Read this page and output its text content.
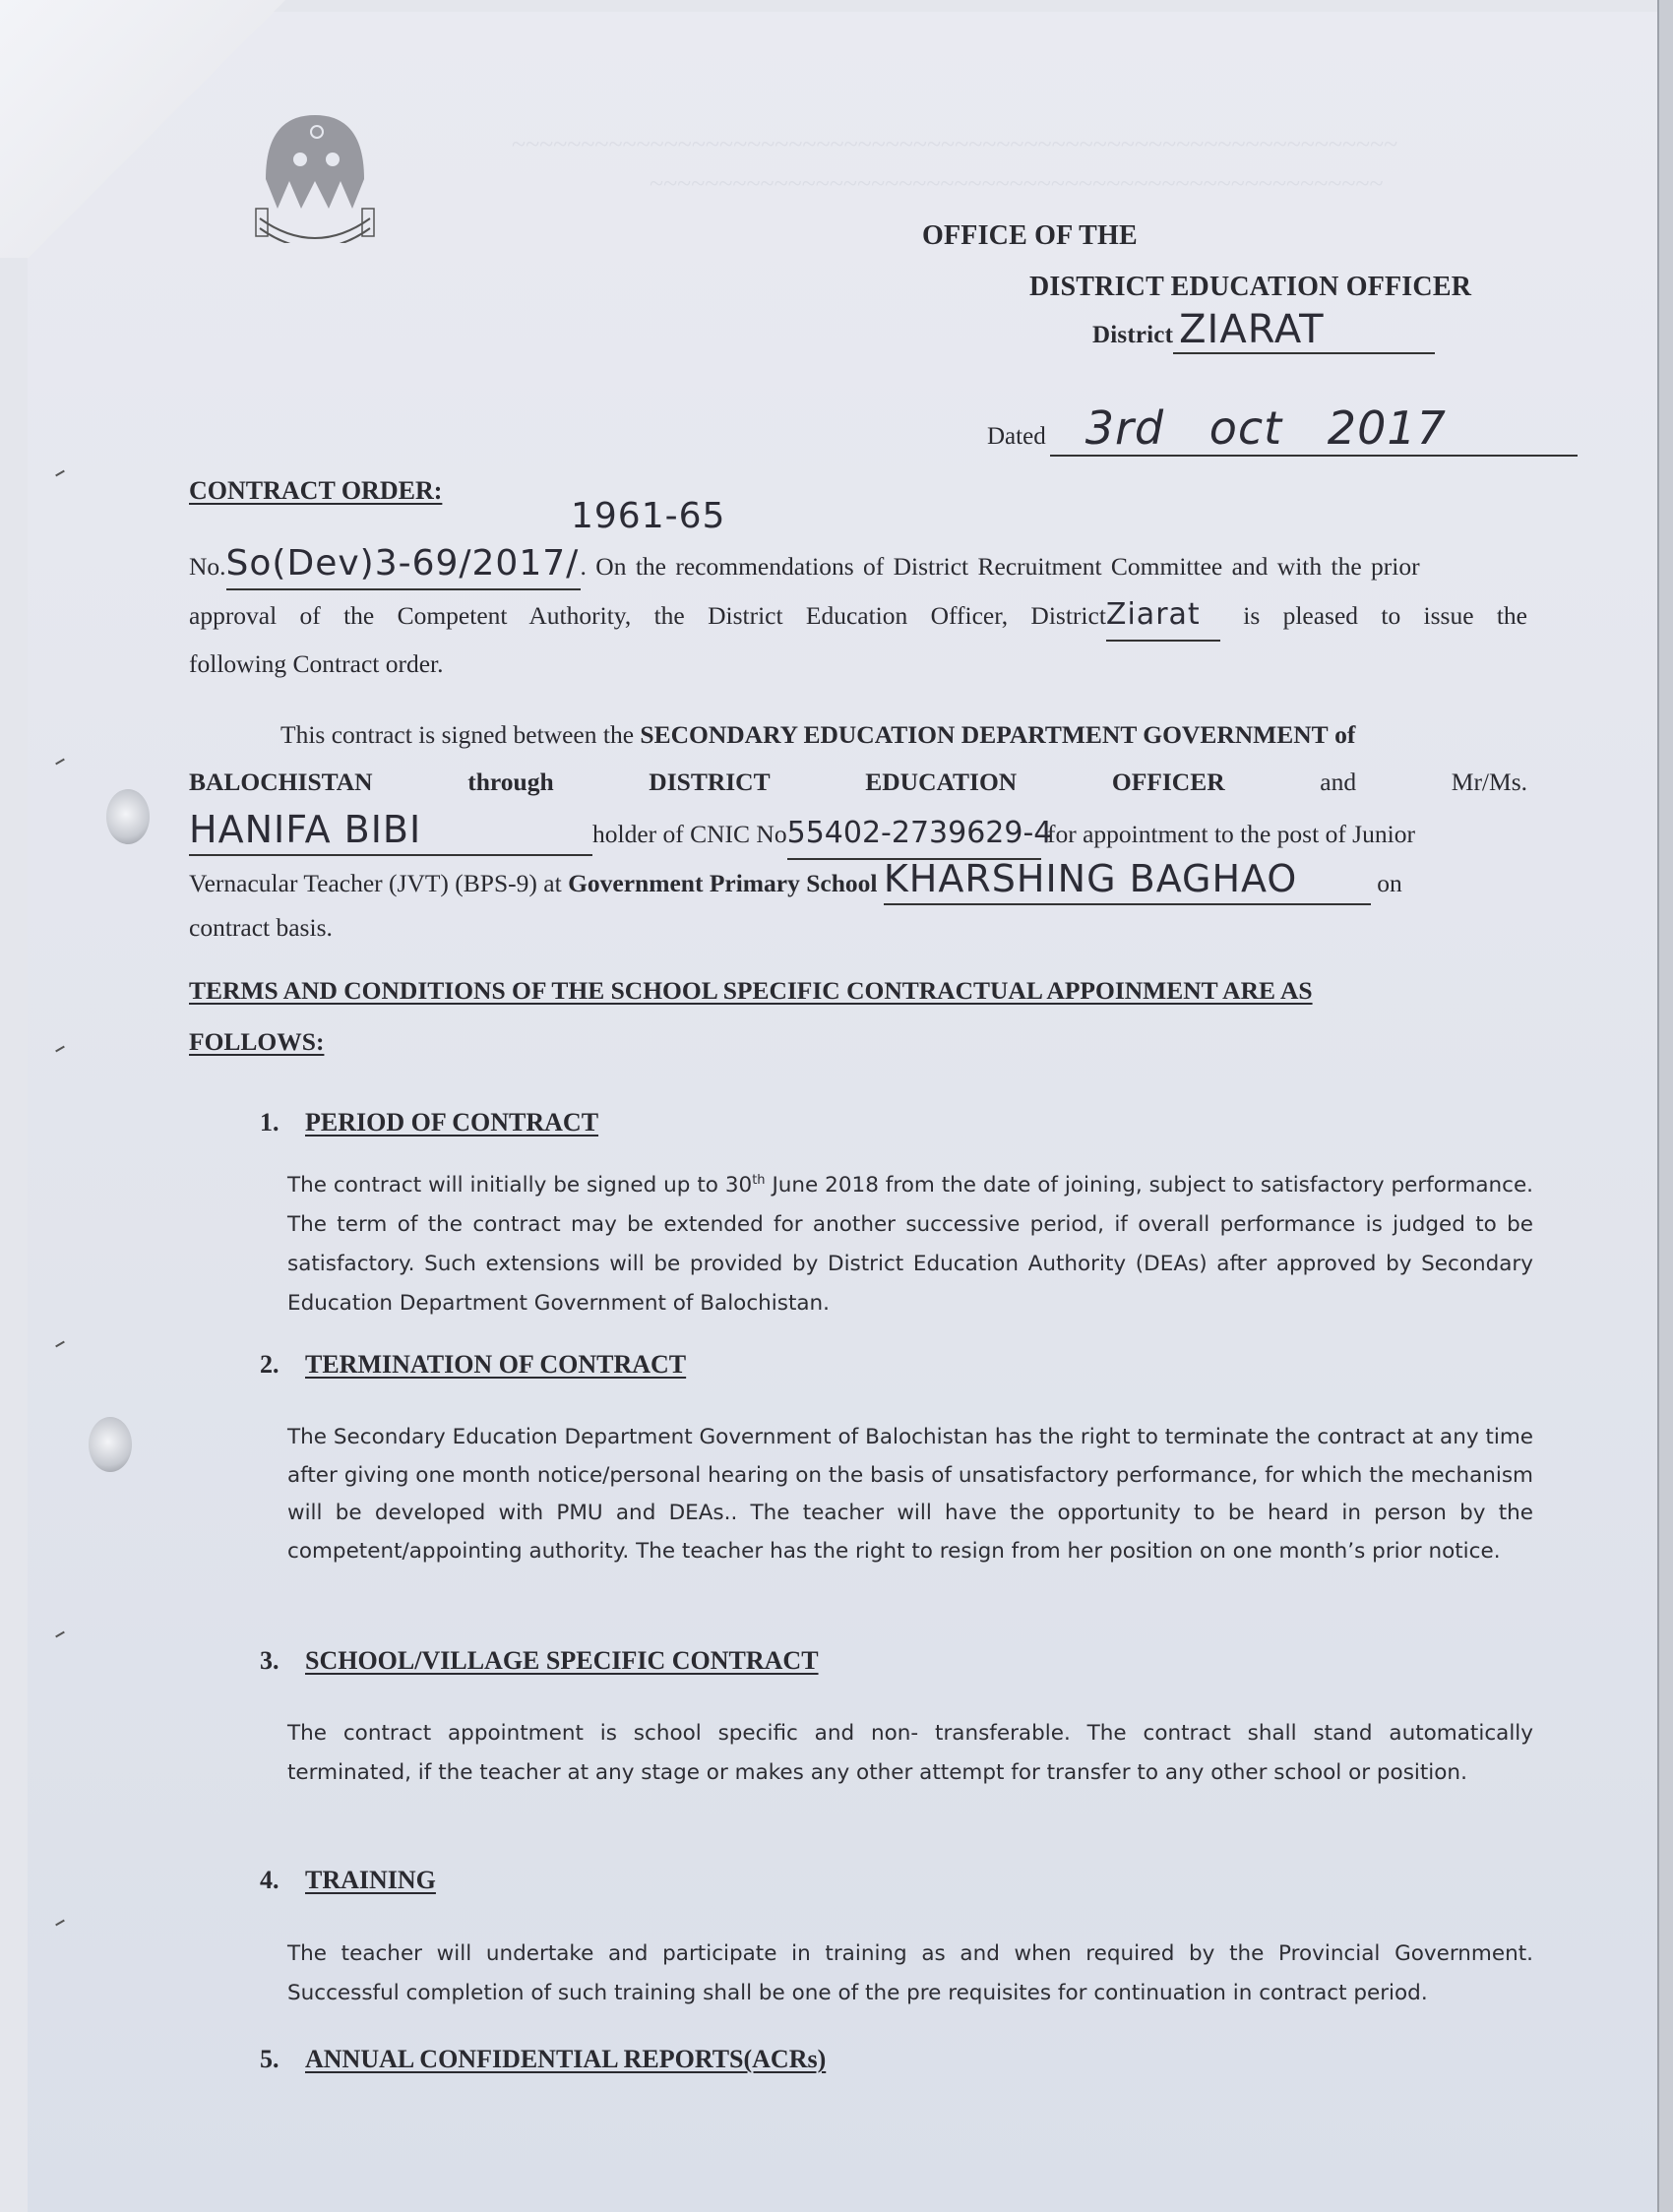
~~~~~~~~~~~~~~~~~~~~~~~~~~~~~~~~~~~~~~~~~~~~~~~~~~~~~~~~~~~~~~~~
~~~~~~~~~~~~~~~~~~~~~~~~~~~~~~~~~~~~~~~~~~~~~~~~~~~~~
OFFICE OF THE
DISTRICT EDUCATION OFFICER
District ZIARAT
Dated 3rd oct 2017
CONTRACT ORDER:
1961-65
No.So(Dev)3-69/2017/. On the recommendations of District Recruitment Committee and with the prior
approval of the Competent Authority, the District Education Officer, DistrictZiarat is pleased to issue the
following Contract order.
This contract is signed between the SECONDARY EDUCATION DEPARTMENT GOVERNMENT of
BALOCHISTAN	through	DISTRICT	EDUCATION	OFFICER	and	Mr/Ms.
HANIFA BIBI	holder of CNIC No55402-2739629-4 for appointment to the post of Junior
Vernacular Teacher (JVT) (BPS-9) at Government Primary School KHARSHING BAGHAO	on
contract basis.
TERMS AND CONDITIONS OF THE SCHOOL SPECIFIC CONTRACTUAL APPOINMENT ARE AS
FOLLOWS:
1. PERIOD OF CONTRACT
The contract will initially be signed up to 30th June 2018 from the date of joining, subject to satisfactory performance. The term of the contract may be extended for another successive period, if overall performance is judged to be satisfactory. Such extensions will be provided by District Education Authority (DEAs) after approved by Secondary Education Department Government of Balochistan.
2. TERMINATION OF CONTRACT
The Secondary Education Department Government of Balochistan has the right to terminate the contract at any time after giving one month notice/personal hearing on the basis of unsatisfactory performance, for which the mechanism will be developed with PMU and DEAs.. The teacher will have the opportunity to be heard in person by the competent/appointing authority. The teacher has the right to resign from her position on one month’s prior notice.
3. SCHOOL/VILLAGE SPECIFIC CONTRACT
The contract appointment is school specific and non- transferable. The contract shall stand automatically terminated, if the teacher at any stage or makes any other attempt for transfer to any other school or position.
4. TRAINING
The teacher will undertake and participate in training as and when required by the Provincial Government. Successful completion of such training shall be one of the pre requisites for continuation in contract period.
5. ANNUAL CONFIDENTIAL REPORTS(ACRs)
